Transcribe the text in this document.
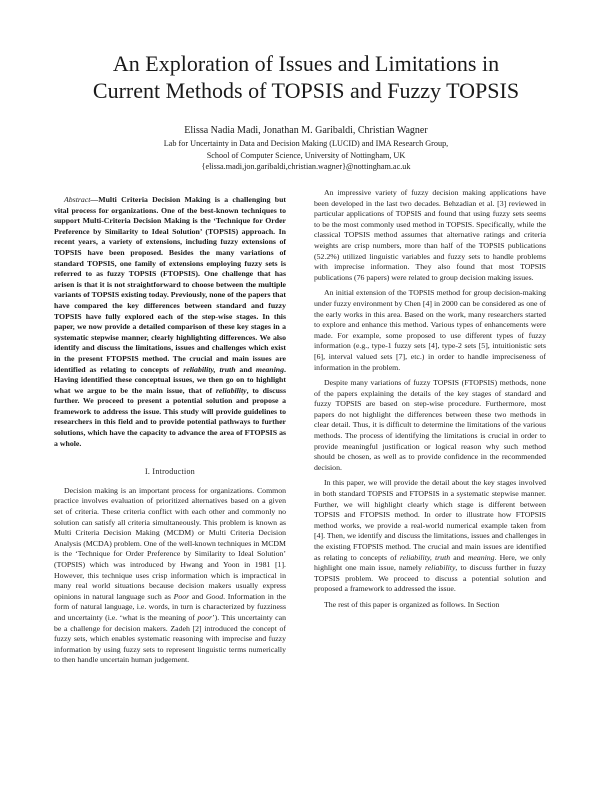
An Exploration of Issues and Limitations in
Current Methods of TOPSIS and Fuzzy TOPSIS
Elissa Nadia Madi, Jonathan M. Garibaldi, Christian Wagner
Lab for Uncertainty in Data and Decision Making (LUCID) and IMA Research Group,
School of Computer Science, University of Nottingham, UK
{elissa.madi,jon.garibaldi,christian.wagner}@nottingham.ac.uk

Abstract—Multi Criteria Decision Making is a challenging but vital process for organizations. One of the best-known techniques to support Multi-Criteria Decision Making is the ‘Technique for Order Preference by Similarity to Ideal Solution’ (TOPSIS) approach. In recent years, a variety of extensions, including fuzzy extensions of TOPSIS have been proposed. Besides the many variations of standard TOPSIS, one family of extensions employing fuzzy sets is referred to as fuzzy TOPSIS (FTOPSIS). One challenge that has arisen is that it is not straightforward to choose between the multiple variants of TOPSIS existing today. Previously, none of the papers that have compared the key differences between standard and fuzzy TOPSIS have fully explored each of the step-wise stages. In this paper, we now provide a detailed comparison of these key stages in a systematic stepwise manner, clearly highlighting differences. We also identify and discuss the limitations, issues and challenges which exist in the present FTOPSIS method. The crucial and main issues are identified as relating to concepts of reliability, truth and meaning. Having identified these conceptual issues, we then go on to highlight what we argue to be the main issue, that of reliability, to discuss further. We proceed to present a potential solution and propose a framework to address the issue. This study will provide guidelines to researchers in this field and to provide potential pathways to further solutions, which have the capacity to advance the area of FTOPSIS as a whole.

I. Introduction

Decision making is an important process for organizations. Common practice involves evaluation of prioritized alternatives based on a given set of criteria. These criteria conflict with each other and commonly no solution can satisfy all criteria simultaneously. This problem is known as Multi Criteria Decision Making (MCDM) or Multi Criteria Decision Analysis (MCDA) problem. One of the well-known techniques in MCDM is the ‘Technique for Order Preference by Similarity to Ideal Solution’ (TOPSIS) which was introduced by Hwang and Yoon in 1981 [1]. However, this technique uses crisp information which is impractical in many real world situations because decision makers usually express opinions in natural language such as Poor and Good. Information in the form of natural language, i.e. words, in turn is characterized by fuzziness and uncertainty (i.e. ‘what is the meaning of poor’). This uncertainty can be a challenge for decision makers. Zadeh [2] introduced the concept of fuzzy sets, which enables systematic reasoning with imprecise and fuzzy information by using fuzzy sets to represent linguistic terms numerically to then handle uncertain human judgement.

An impressive variety of fuzzy decision making applications have been developed in the last two decades. Behzadian et al. [3] reviewed in particular applications of TOPSIS and found that using fuzzy sets seems to be the most commonly used method in TOPSIS. Specifically, while the classical TOPSIS method assumes that alternative ratings and criteria weights are crisp numbers, more than half of the TOPSIS publications (52.2%) utilized linguistic variables and fuzzy sets to handle problems with imprecise information. They also found that most TOPSIS publications (76 papers) were related to group decision making issues.

An initial extension of the TOPSIS method for group decision-making under fuzzy environment by Chen [4] in 2000 can be considered as one of the early works in this area. Based on the work, many researchers started to explore and enhance this method. Various types of enhancements were made. For example, some proposed to use different types of fuzzy information (e.g., type-1 fuzzy sets [4], type-2 sets [5], intuitionistic sets [6], interval valued sets [7], etc.) in order to handle impreciseness of information in the problem.

Despite many variations of fuzzy TOPSIS (FTOPSIS) methods, none of the papers explaining the details of the key stages of standard and fuzzy TOPSIS are based on step-wise procedure. Furthermore, most papers do not highlight the differences between these two methods in clear detail. Thus, it is difficult to determine the limitations of the various methods. The process of identifying the limitations is crucial in order to provide meaningful justification or logical reason why such method should be chosen, as well as to provide confidence in the recommended decision.

In this paper, we will provide the detail about the key stages involved in both standard TOPSIS and FTOPSIS in a systematic stepwise manner. Further, we will highlight clearly which stage is different between TOPSIS and FTOPSIS method. In order to illustrate how FTOPSIS method works, we provide a real-world numerical example taken from [4]. Then, we identify and discuss the limitations, issues and challenges in the existing FTOPSIS method. The crucial and main issues are identified as relating to concepts of reliability, truth and meaning. Here, we only highlight one main issue, namely reliability, to discuss further in fuzzy TOPSIS problem. We proceed to discuss a potential solution and proposed a framework to addressed the issue.

The rest of this paper is organized as follows. In Section
